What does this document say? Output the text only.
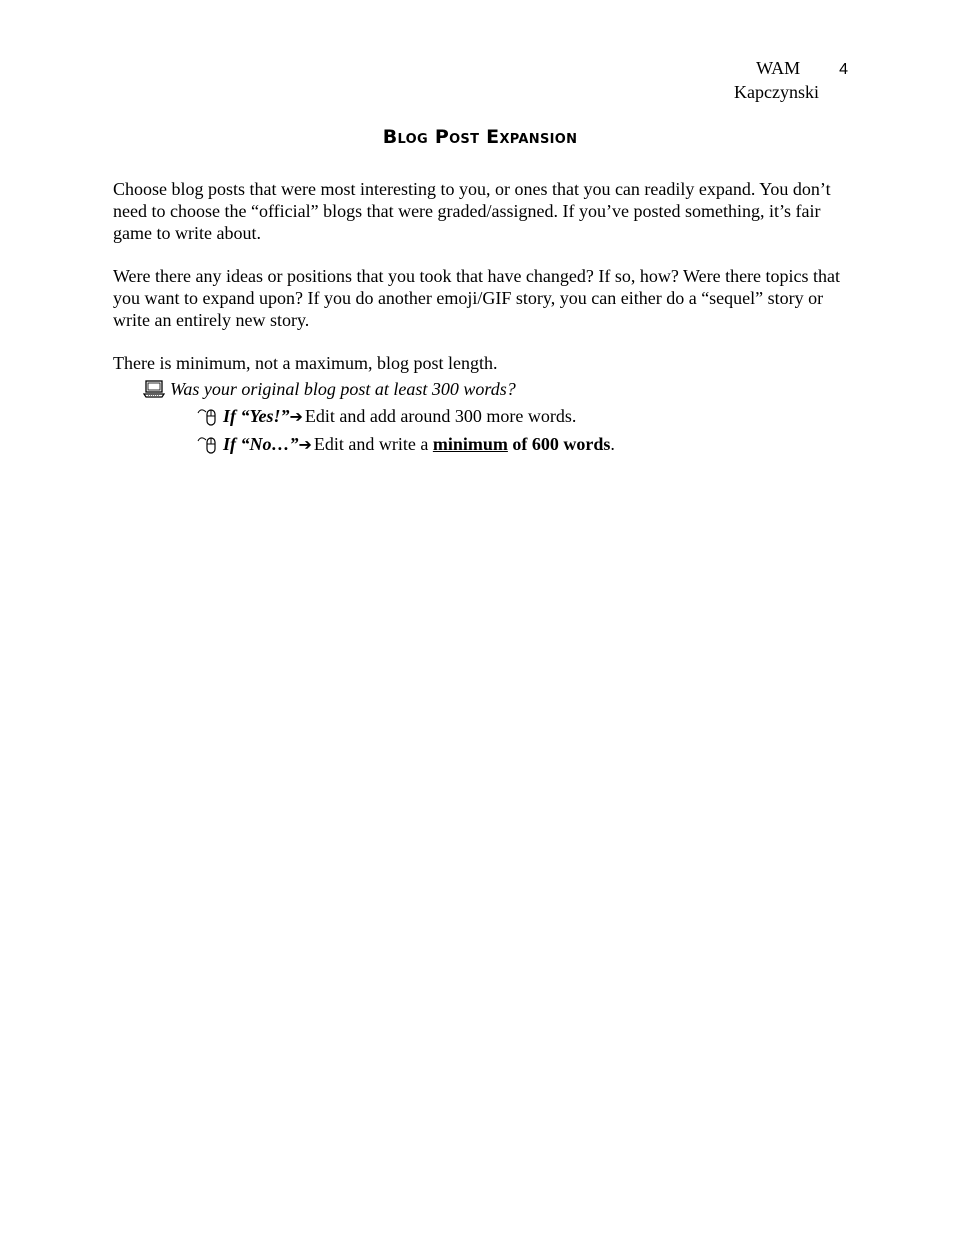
WAM 4
Kapczynski
Blog Post Expansion

Choose blog posts that were most interesting to you, or ones that you can readily expand. You don’t need to choose the “official” blogs that were graded/assigned. If you’ve posted something, it’s fair game to write about.

Were there any ideas or positions that you took that have changed? If so, how? Were there topics that you want to expand upon? If you do another emoji/GIF story, you can either do a “sequel” story or write an entirely new story.

There is minimum, not a maximum, blog post length.

Was your original blog post at least 300 words?
If “Yes!”➔ Edit and add around 300 more words.
If “No…”➔ Edit and write a minimum of 600 words.
